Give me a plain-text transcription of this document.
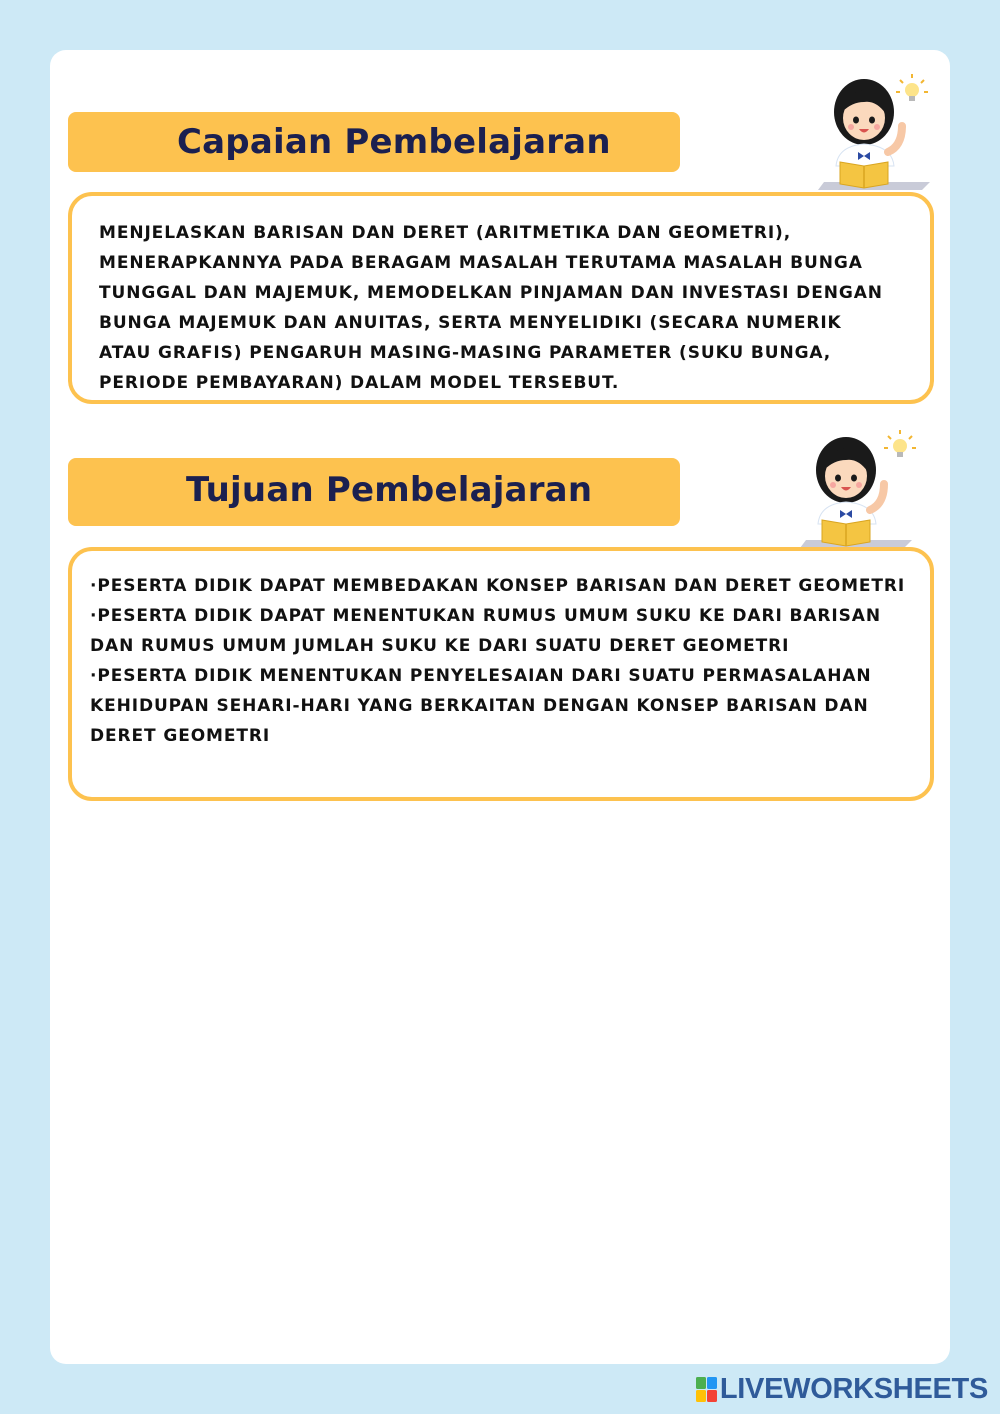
Capaian Pembelajaran

MENJELASKAN BARISAN DAN DERET (ARITMETIKA DAN GEOMETRI),

MENERAPKANNYA PADA BERAGAM MASALAH TERUTAMA MASALAH BUNGA

TUNGGAL DAN MAJEMUK, MEMODELKAN PINJAMAN DAN INVESTASI DENGAN

BUNGA MAJEMUK DAN ANUITAS, SERTA MENYELIDIKI (SECARA NUMERIK

ATAU GRAFIS) PENGARUH MASING-MASING PARAMETER (SUKU BUNGA,

PERIODE PEMBAYARAN) DALAM MODEL TERSEBUT.

Tujuan Pembelajaran

·PESERTA DIDIK DAPAT MEMBEDAKAN KONSEP BARISAN DAN DERET GEOMETRI

·PESERTA DIDIK DAPAT MENENTUKAN RUMUS UMUM SUKU KE DARI BARISAN

DAN RUMUS UMUM JUMLAH SUKU KE DARI SUATU DERET GEOMETRI

·PESERTA DIDIK MENENTUKAN PENYELESAIAN DARI SUATU PERMASALAHAN

KEHIDUPAN SEHARI-HARI YANG BERKAITAN DENGAN KONSEP BARISAN DAN

DERET GEOMETRI

LIVEWORKSHEETS
